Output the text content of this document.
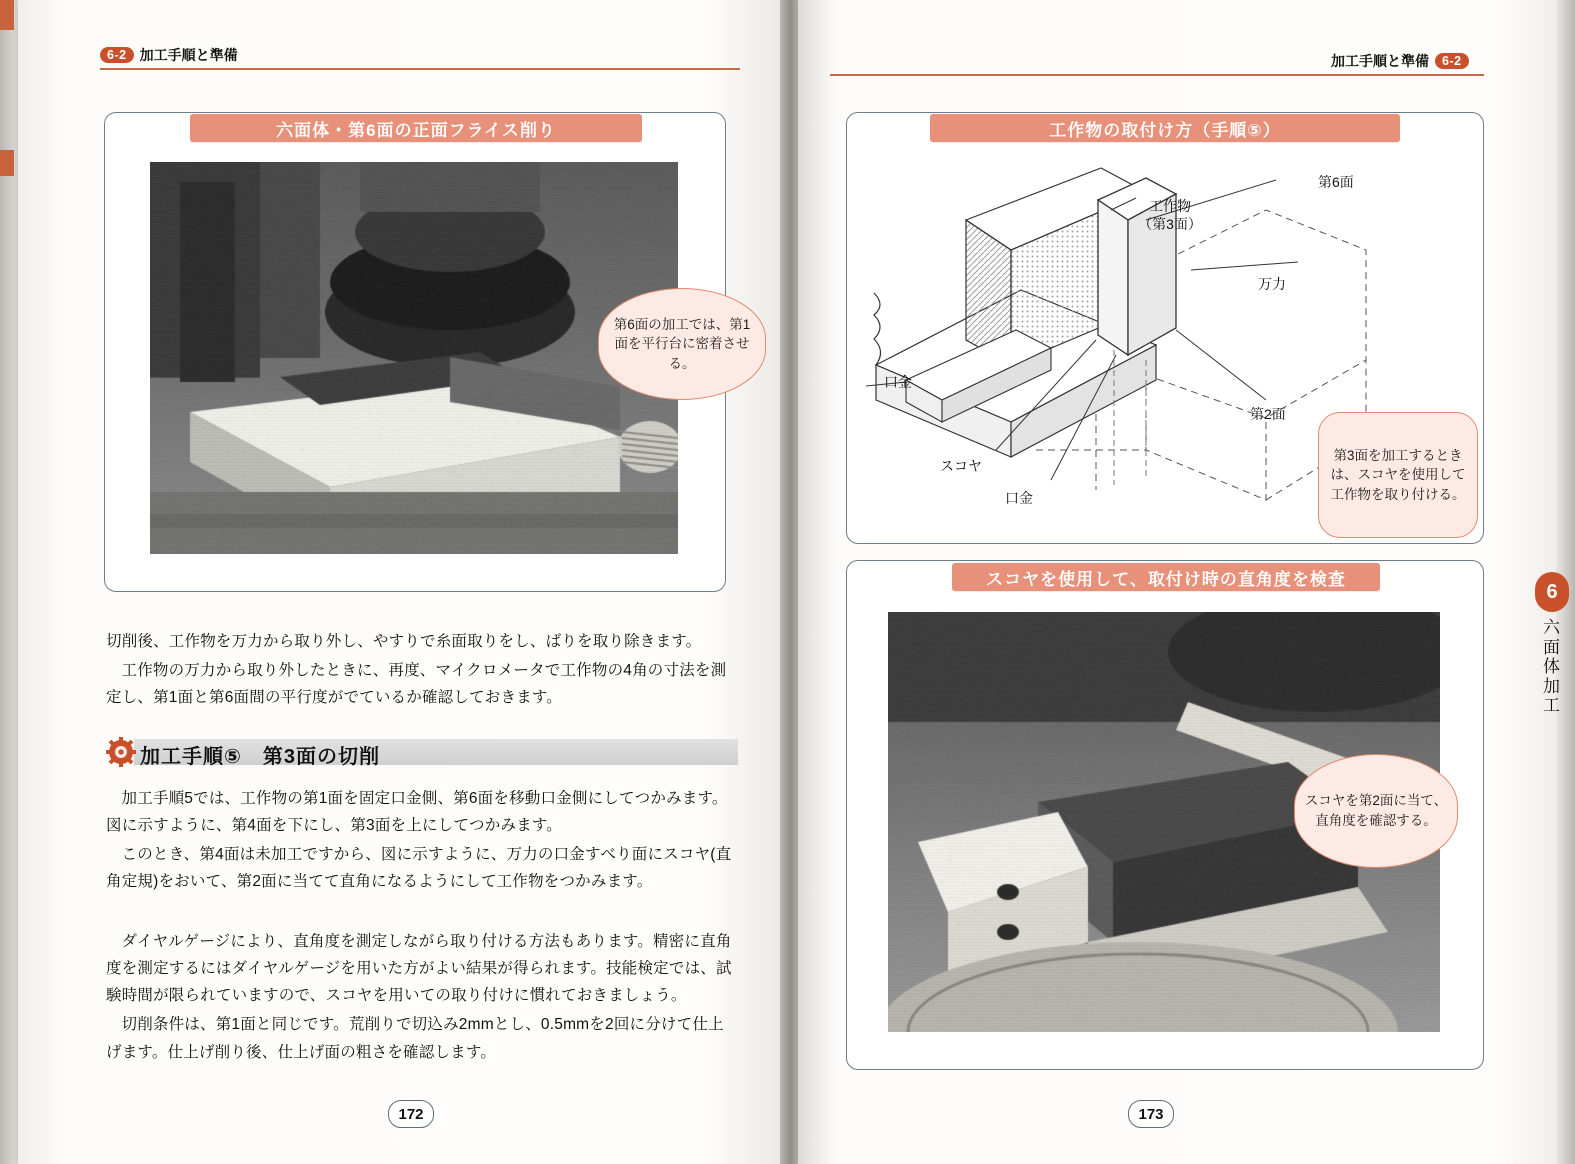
6-2 加工手順と準備
六面体・第6面の正面フライス削り
第6面の加工では、第1面を平行台に密着させる。

切削後、工作物を万力から取り外し、やすりで糸面取りをし、ばりを取り除きます。

工作物の万力から取り外したときに、再度、マイクロメータで工作物の4角の寸法を測定し、第1面と第6面間の平行度がでているか確認しておきます。

加工手順⑤　第3面の切削

加工手順5では、工作物の第1面を固定口金側、第6面を移動口金側にしてつかみます。図に示すように、第4面を下にし、第3面を上にしてつかみます。

このとき、第4面は未加工ですから、図に示すように、万力の口金すべり面にスコヤ(直角定規)をおいて、第2面に当てて直角になるようにして工作物をつかみます。

ダイヤルゲージにより、直角度を測定しながら取り付ける方法もあります。精密に直角度を測定するにはダイヤルゲージを用いた方がよい結果が得られます。技能検定では、試験時間が限られていますので、スコヤを用いての取り付けに慣れておきましょう。

切削条件は、第1面と同じです。荒削りで切込み2mmとし、0.5mmを2回に分けて仕上げます。仕上げ削り後、仕上げ面の粗さを確認します。

172
加工手順と準備	6-2
工作物の取付け方（手順⑤）
工作物
（第3面）
第6面
万力
口金
第2面
スコヤ
口金
第3面を加工するときは、スコヤを使用して工作物を取り付ける。
スコヤを使用して、取付け時の直角度を検査
スコヤを第2面に当て、直角度を確認する。
173
6
六
面
体
加
工
